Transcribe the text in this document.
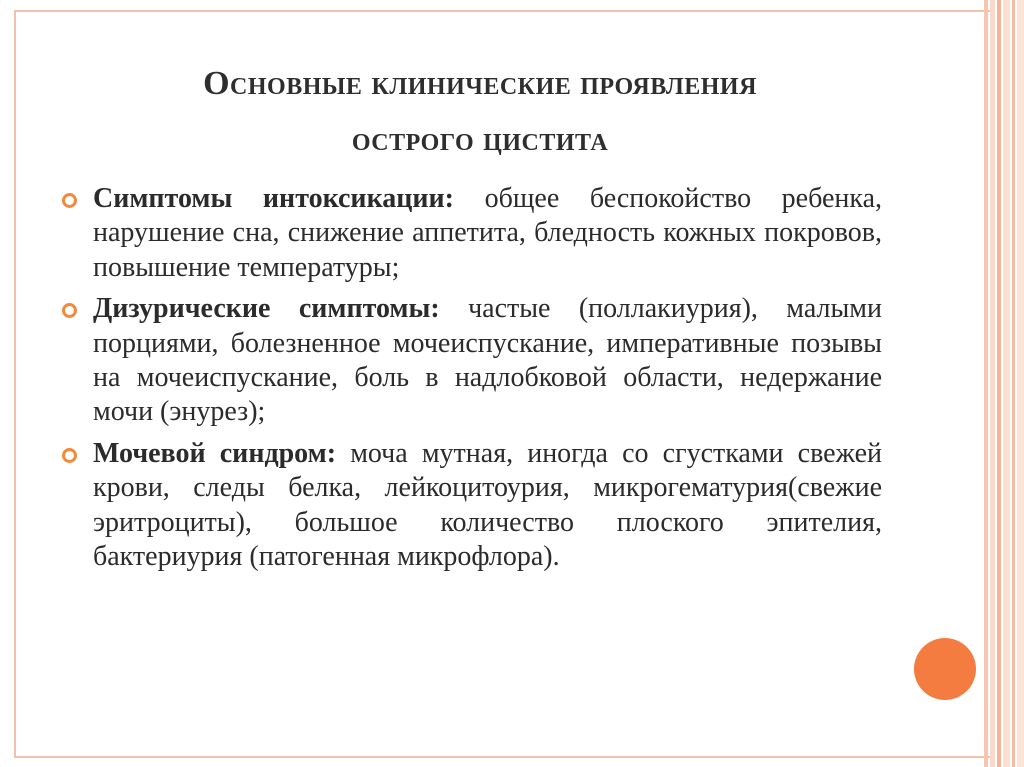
Основные клинические проявления
острого цистита
Симптомы интоксикации: общее беспокойство ребенка, нарушение сна, снижение аппетита, бледность кожных покровов, повышение температуры;
Дизурические симптомы: частые (поллакиурия), малыми порциями, болезненное мочеиспускание, императивные позывы на мочеиспускание, боль в надлобковой области, недержание мочи (энурез);
Мочевой синдром: моча мутная, иногда со сгустками свежей крови, следы белка, лейкоцитоурия, микрогематурия(свежие эритроциты), большое количество плоского эпителия, бактериурия (патогенная микрофлора).
